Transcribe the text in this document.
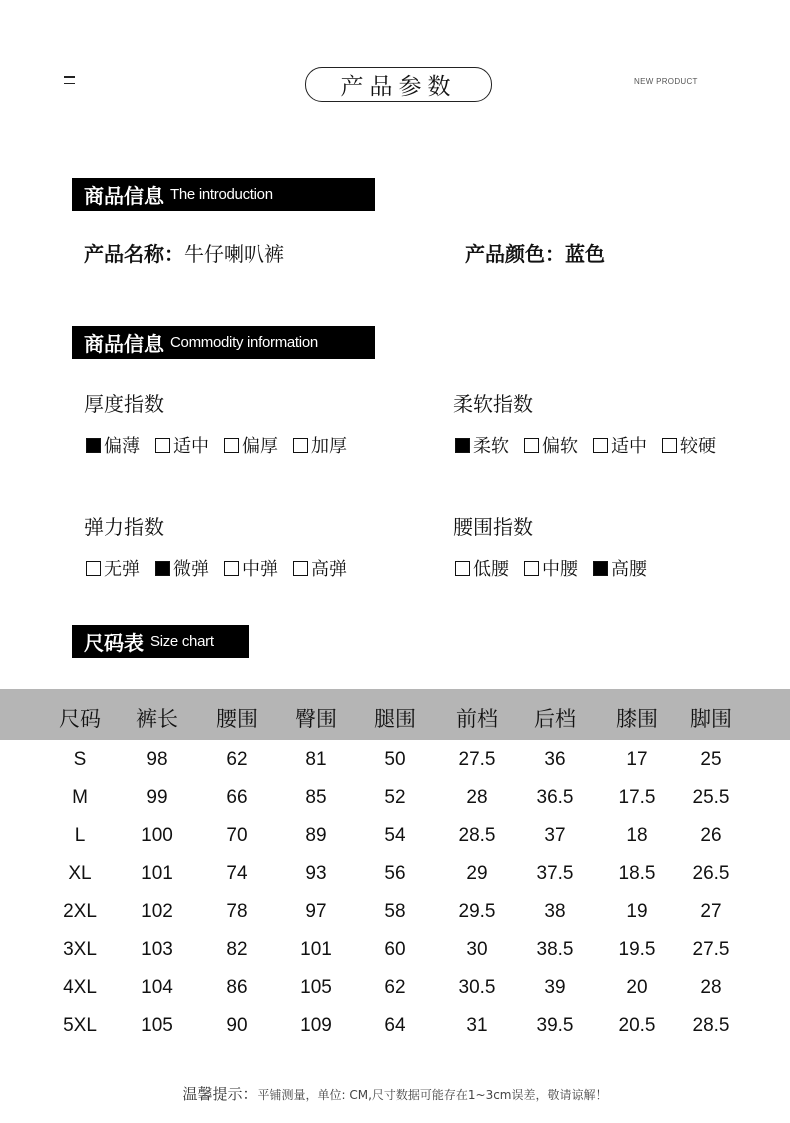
产品参数	NEW PRODUCT
商品信息 The introduction
产品名称：牛仔喇叭裤	产品颜色：蓝色
商品信息 Commodity information
厚度指数
偏薄 适中 偏厚 加厚
柔软指数
柔软 偏软 适中 较硬
弹力指数
无弹 微弹 中弹 高弹
腰围指数
低腰 中腰 高腰
尺码表 Size chart
尺码 裤长 腰围 臀围 腿围 前档 后档 膝围 脚围
S	98	62	81	50	27.5	36	17	25
M	99	66	85	52	28	36.5 17.5 25.5
L	100	70	89	54	28.5	37	18	26
XL	101	74	93	56	29	37.5 18.5 26.5
2XL 102	78	97	58	29.5	38	19	27
3XL 103	82	101	60	30	38.5 19.5 27.5
4XL 104	86	105	62	30.5	39	20	28
5XL 105	90	109	64	31	39.5 20.5 28.5
温馨提示：平铺测量，单位: CM,尺寸数据可能存在1~3cm误差，敬请谅解！
